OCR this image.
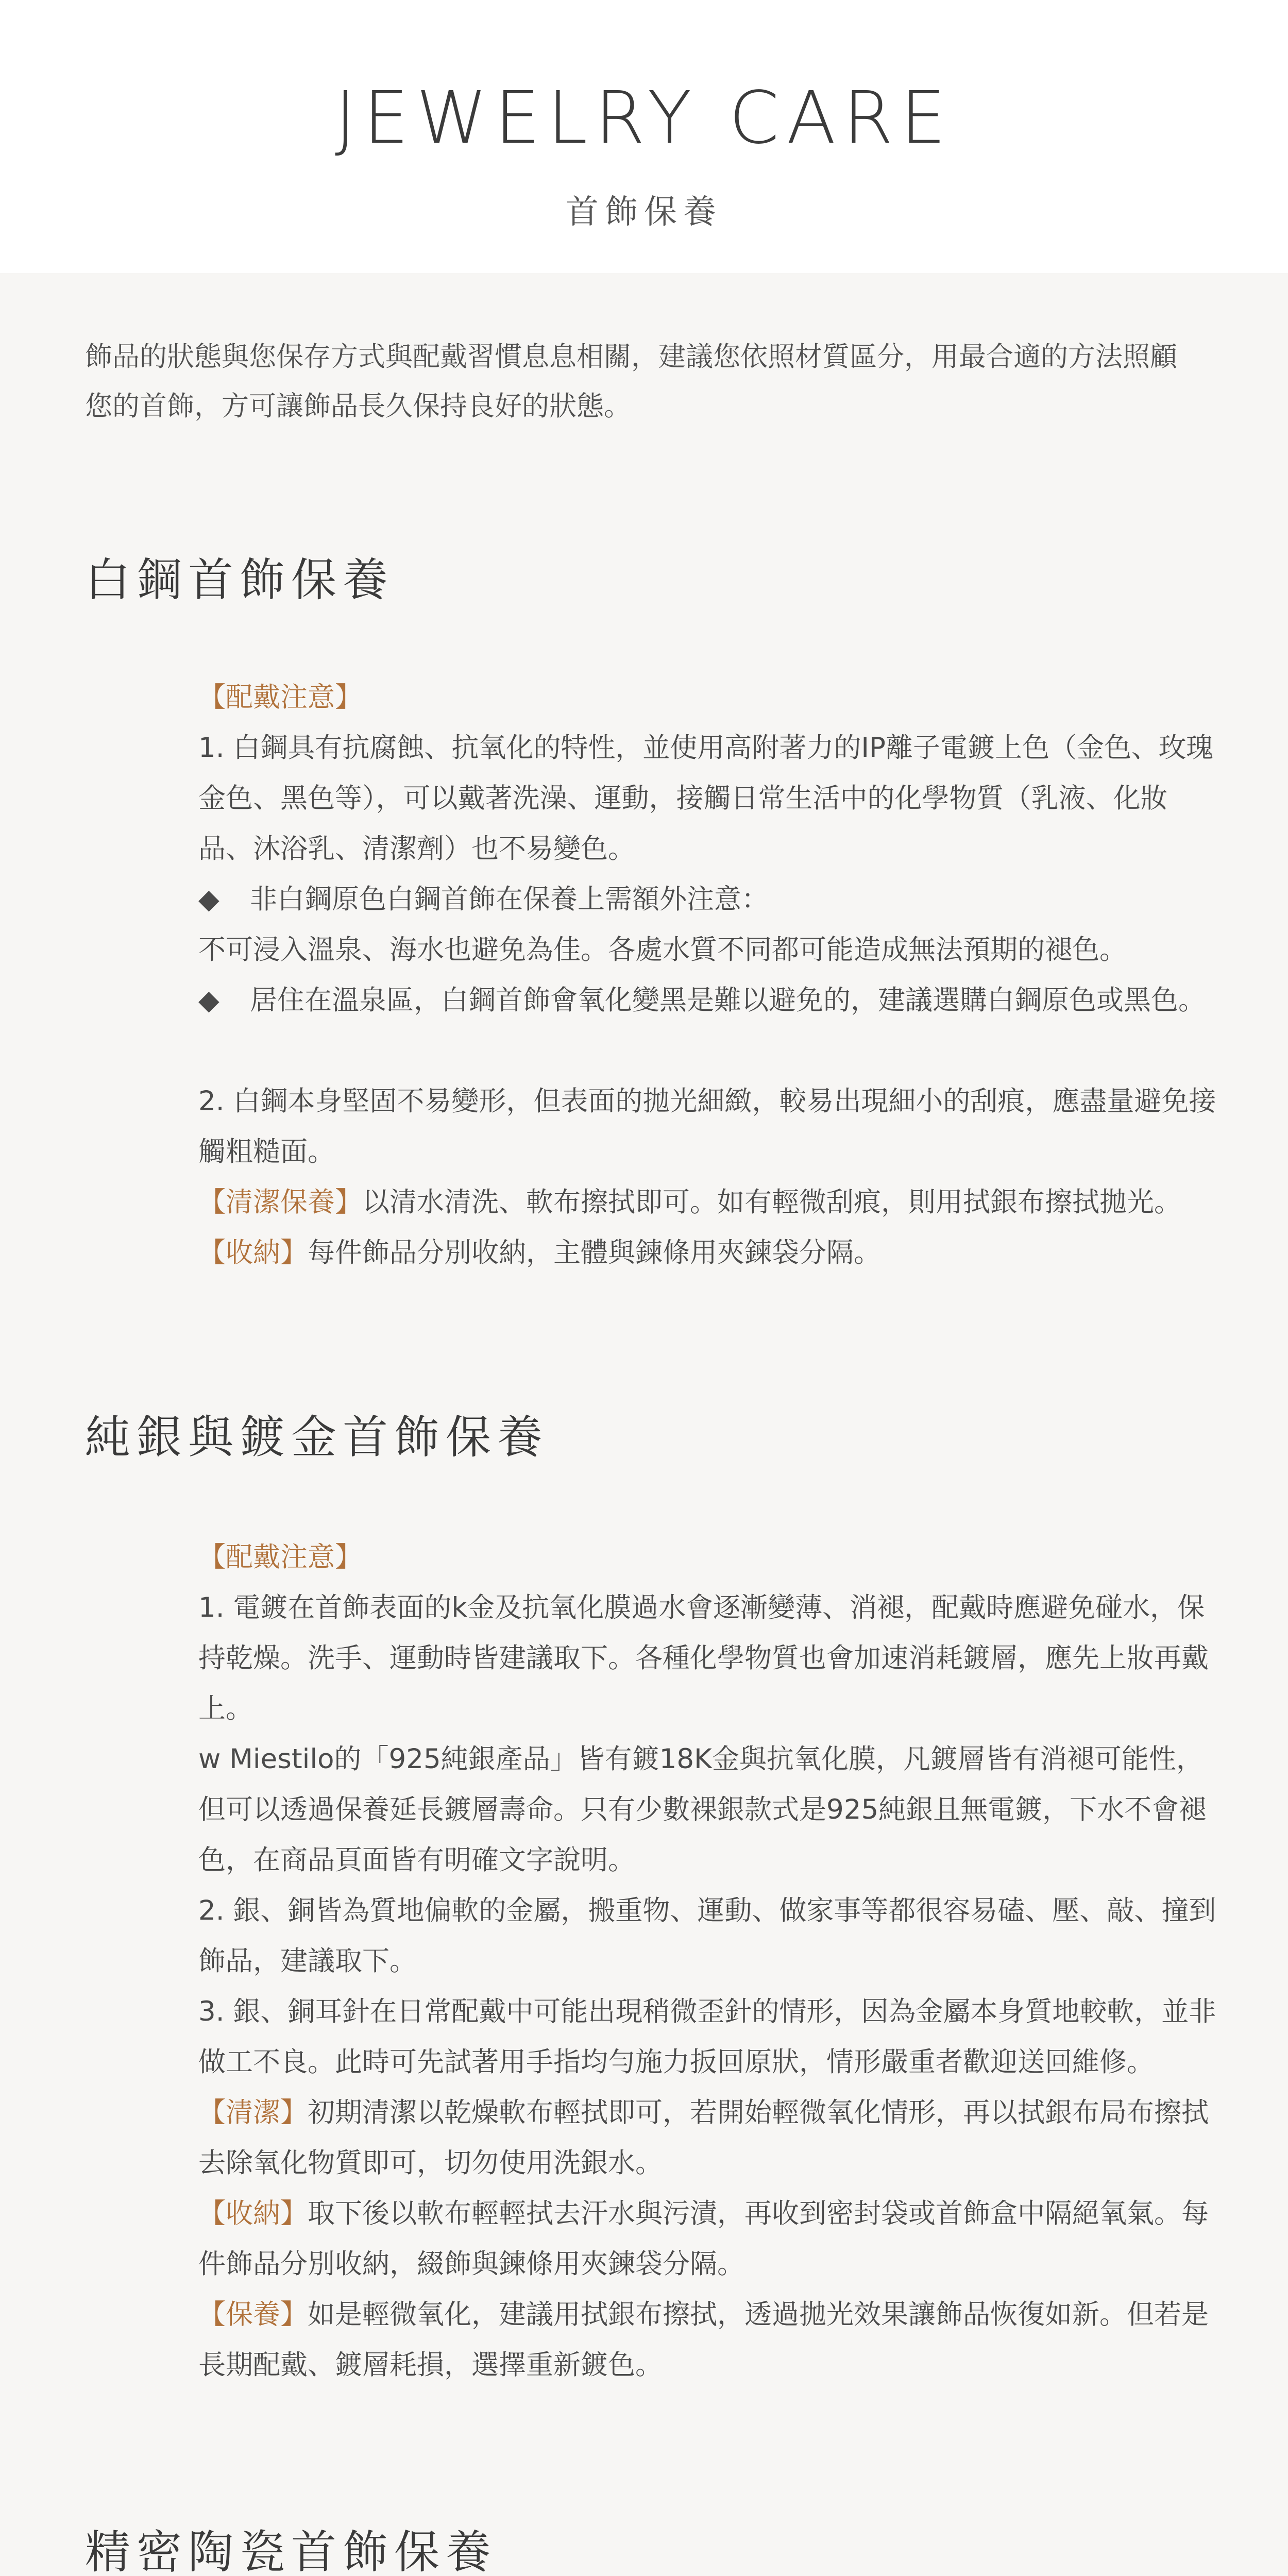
JEWELRY CARE
首飾保養
飾品的狀態與您保存方式與配戴習慣息息相關，建議您依照材質區分，用最合適的方法照顧您的首飾，方可讓飾品長久保持良好的狀態。
白鋼首飾保養

【配戴注意】

1. 白鋼具有抗腐蝕、抗氧化的特性，並使用高附著力的IP離子電鍍上色（金色、玫瑰金色、黑色等），可以戴著洗澡、運動，接觸日常生活中的化學物質（乳液、化妝品、沐浴乳、清潔劑）也不易變色。

◆ 非白鋼原色白鋼首飾在保養上需額外注意：

不可浸入溫泉、海水也避免為佳。各處水質不同都可能造成無法預期的褪色。

◆ 居住在溫泉區，白鋼首飾會氧化變黑是難以避免的，建議選購白鋼原色或黑色。

2. 白鋼本身堅固不易變形，但表面的拋光細緻，較易出現細小的刮痕，應盡量避免接觸粗糙面。

【清潔保養】以清水清洗、軟布擦拭即可。如有輕微刮痕，則用拭銀布擦拭拋光。

【收納】每件飾品分別收納，主體與鍊條用夾鍊袋分隔。

純銀與鍍金首飾保養

【配戴注意】

1. 電鍍在首飾表面的k金及抗氧化膜過水會逐漸變薄、消褪，配戴時應避免碰水，保持乾燥。洗手、運動時皆建議取下。各種化學物質也會加速消耗鍍層，應先上妝再戴上。

w Miestilo的「925純銀產品」皆有鍍18K金與抗氧化膜，凡鍍層皆有消褪可能性，但可以透過保養延長鍍層壽命。只有少數裸銀款式是925純銀且無電鍍，下水不會褪色，在商品頁面皆有明確文字說明。

2. 銀、銅皆為質地偏軟的金屬，搬重物、運動、做家事等都很容易磕、壓、敲、撞到飾品，建議取下。

3. 銀、銅耳針在日常配戴中可能出現稍微歪針的情形，因為金屬本身質地較軟，並非做工不良。此時可先試著用手指均勻施力扳回原狀，情形嚴重者歡迎送回維修。

【清潔】初期清潔以乾燥軟布輕拭即可，若開始輕微氧化情形，再以拭銀布局布擦拭去除氧化物質即可，切勿使用洗銀水。

【收納】取下後以軟布輕輕拭去汗水與污漬，再收到密封袋或首飾盒中隔絕氧氣。每件飾品分別收納，綴飾與鍊條用夾鍊袋分隔。

【保養】如是輕微氧化，建議用拭銀布擦拭，透過拋光效果讓飾品恢復如新。但若是長期配戴、鍍層耗損，選擇重新鍍色。

精密陶瓷首飾保養
